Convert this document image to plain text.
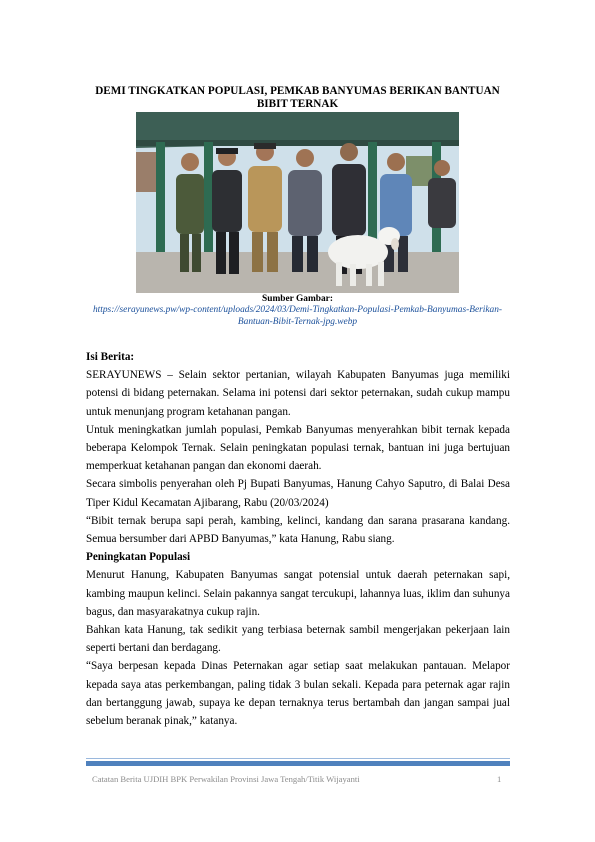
DEMI TINGKATKAN POPULASI, PEMKAB BANYUMAS BERIKAN BANTUAN BIBIT TERNAK
Sumber Gambar:
https://serayunews.pw/wp-content/uploads/2024/03/Demi-Tingkatkan-Populasi-Pemkab-Banyumas-Berikan-Bantuan-Bibit-Ternak-jpg.webp
Isi Berita:

SERAYUNEWS – Selain sektor pertanian, wilayah Kabupaten Banyumas juga memiliki potensi di bidang peternakan. Selama ini potensi dari sektor peternakan, sudah cukup mampu untuk menunjang program ketahanan pangan.

Untuk meningkatkan jumlah populasi, Pemkab Banyumas menyerahkan bibit ternak kepada beberapa Kelompok Ternak. Selain peningkatan populasi ternak, bantuan ini juga bertujuan memperkuat ketahanan pangan dan ekonomi daerah.

Secara simbolis penyerahan oleh Pj Bupati Banyumas, Hanung Cahyo Saputro, di Balai Desa Tiper Kidul Kecamatan Ajibarang, Rabu (20/03/2024)

“Bibit ternak berupa sapi perah, kambing, kelinci, kandang dan sarana prasarana kandang. Semua bersumber dari APBD Banyumas,” kata Hanung, Rabu siang.

Peningkatan Populasi

Menurut Hanung, Kabupaten Banyumas sangat potensial untuk daerah peternakan sapi, kambing maupun kelinci. Selain pakannya sangat tercukupi, lahannya luas, iklim dan suhunya bagus, dan masyarakatnya cukup rajin.

Bahkan kata Hanung, tak sedikit yang terbiasa beternak sambil mengerjakan pekerjaan lain seperti bertani dan berdagang.

“Saya berpesan kepada Dinas Peternakan agar setiap saat melakukan pantauan. Melapor kepada saya atas perkembangan, paling tidak 3 bulan sekali. Kepada para peternak agar rajin dan bertanggung jawab, supaya ke depan ternaknya terus bertambah dan jangan sampai jual sebelum beranak pinak,” katanya.

Catatan Berita UJDIH BPK Perwakilan Provinsi Jawa Tengah/Titik Wijayanti	1
